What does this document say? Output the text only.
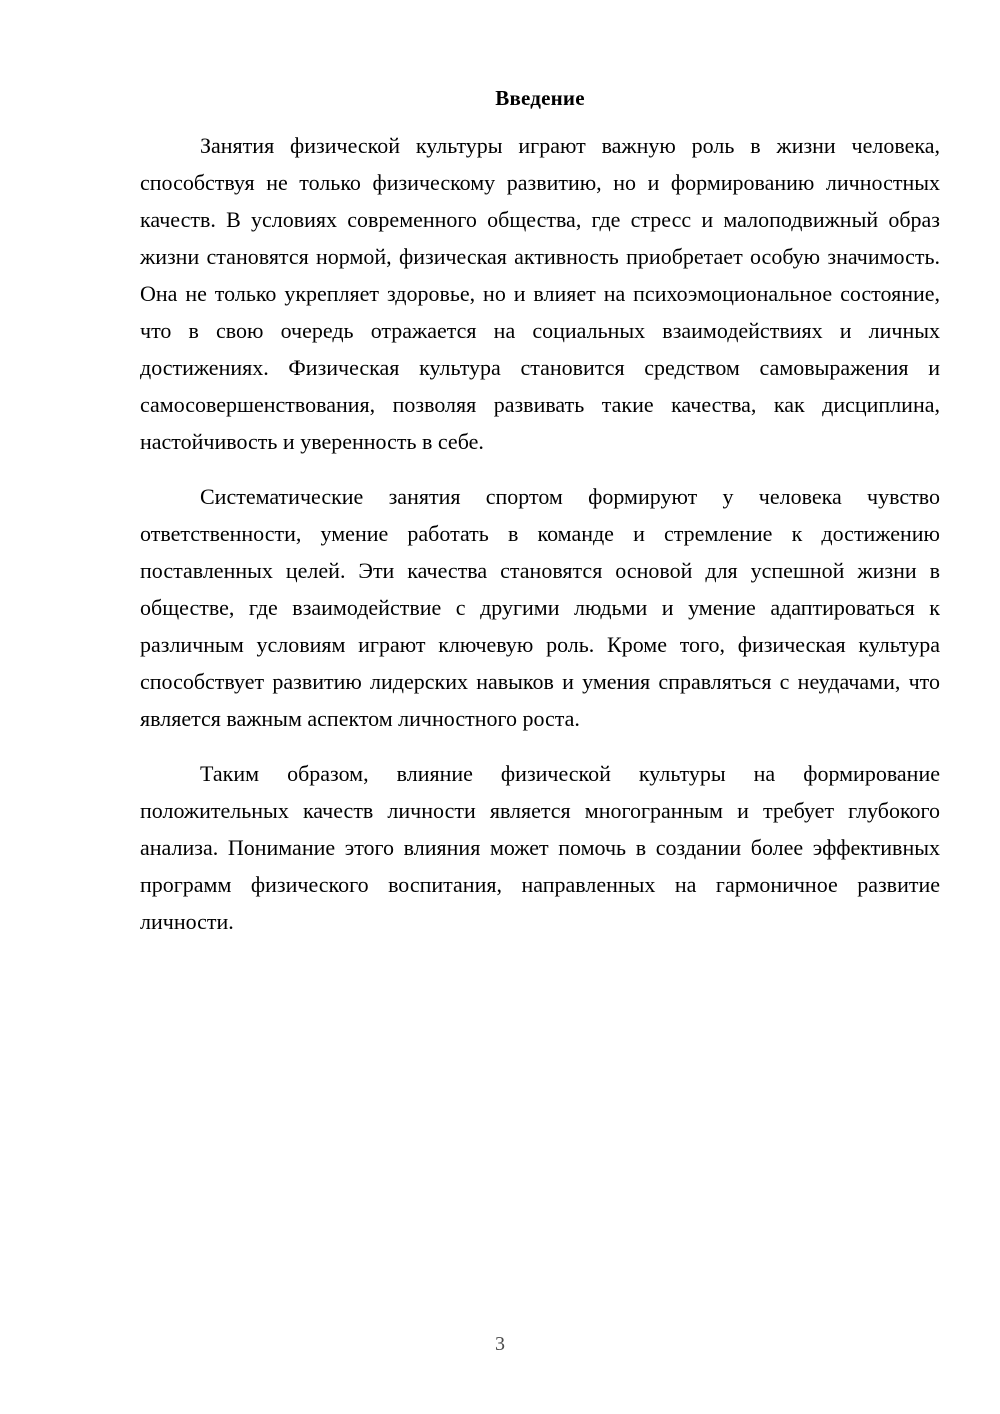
Введение

Занятия физической культуры играют важную роль в жизни человека, способствуя не только физическому развитию, но и формированию личностных качеств. В условиях современного общества, где стресс и малоподвижный образ жизни становятся нормой, физическая активность приобретает особую значимость. Она не только укрепляет здоровье, но и влияет на психоэмоциональное состояние, что в свою очередь отражается на социальных взаимодействиях и личных достижениях. Физическая культура становится средством самовыражения и самосовершенствования, позволяя развивать такие качества, как дисциплина, настойчивость и уверенность в себе.

Систематические занятия спортом формируют у человека чувство ответственности, умение работать в команде и стремление к достижению поставленных целей. Эти качества становятся основой для успешной жизни в обществе, где взаимодействие с другими людьми и умение адаптироваться к различным условиям играют ключевую роль. Кроме того, физическая культура способствует развитию лидерских навыков и умения справляться с неудачами, что является важным аспектом личностного роста.

Таким образом, влияние физической культуры на формирование положительных качеств личности является многогранным и требует глубокого анализа. Понимание этого влияния может помочь в создании более эффективных программ физического воспитания, направленных на гармоничное развитие личности.

3
